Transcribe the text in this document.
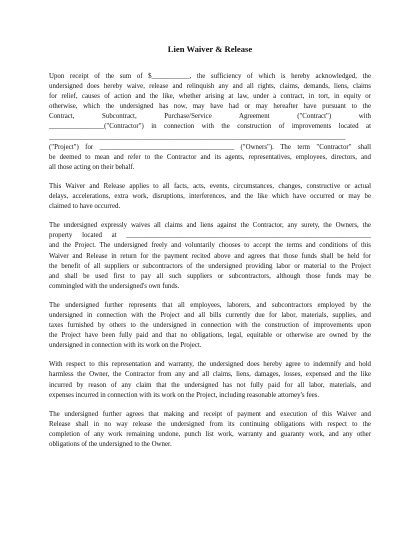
Lien Waiver & Release
Upon receipt of the sum of $___________, the sufficiency of which is hereby acknowledged, the
undersigned does hereby waive, release and relinquish any and all rights, claims, demands, liens, claims
for relief, causes of action and the like, whether arising at law, under a contract, in tort, in equity or
otherwise, which the undersigned has now, may have had or may hereafter have pursuant to the
Contract, Subcontract, Purchase/Service Agreement ("Contract") with
________________("Contractor") in connection with the construction of improvements located at
______________________________________________________________________________________
("Project") for _______________________________________ ("Owners"). The term "Contractor" shall
be deemed to mean and refer to the Contractor and its agents, representatives, employees, directors, and
all those acting on their behalf.
This Waiver and Release applies to all facts, acts, events, circumstances, changes, constructive or actual
delays, accelerations, extra work, disruptions, interferences, and the like which have occurred or may be
claimed to have occurred.
The undersigned expressly waives all claims and liens against the Contractor, any surety, the Owners, the
property located at _______________________________________________________________________
and the Project. The undersigned freely and voluntarily chooses to accept the terms and conditions of this
Waiver and Release in return for the payment recited above and agrees that those funds shall be held for
the benefit of all suppliers or subcontractors of the undersigned providing labor or material to the Project
and shall be used first to pay all such suppliers or subcontractors, although those funds may be
commingled with the undersigned's own funds.
The undersigned further represents that all employees, laborers, and subcontractors employed by the
undersigned in connection with the Project and all bills currently due for labor, materials, supplies, and
taxes furnished by others to the undersigned in connection with the construction of improvements upon
the Project have been fully paid and that no obligations, legal, equitable or otherwise are owned by the
undersigned in connection with its work on the Project.
With respect to this representation and warranty, the undersigned does hereby agree to indemnify and hold
harmless the Owner, the Contractor from any and all claims, liens, damages, losses, expensed and the like
incurred by reason of any claim that the undersigned has not fully paid for all labor, materials, and
expenses incurred in connection with its work on the Project, including reasonable attorney's fees.
The undersigned further agrees that making and receipt of payment and execution of this Waiver and
Release shall in no way release the undersigned from its continuing obligations with respect to the
completion of any work remaining undone, punch list work, warranty and guaranty work, and any other
obligations of the undersigned to the Owner.
